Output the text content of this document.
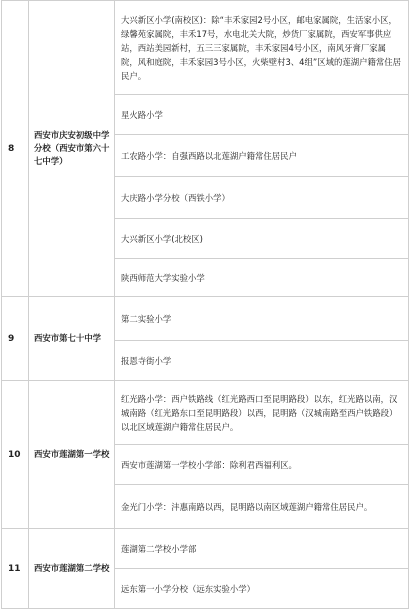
8	西安市庆安初级中学分校（西安市第六十七中学）	大兴新区小学(南校区)：除“丰禾家园2号小区，邮电家属院，生活家小区，绿馨苑家属院，丰禾17号，水电北关大院，炒货厂家属院，西安军事供应站，西站美园新村，五三三家属院，丰禾家园4号小区，南风牙膏厂家属院，风和庭院，丰禾家园3号小区，火柴壁村3、4组”区域的莲湖户籍常住居民户。
		星火路小学
		工农路小学：自强西路以北莲湖户籍常住居民户
		大庆路小学分校（西铁小学）
		大兴新区小学(北校区)
		陕西师范大学实验小学
9	西安市第七十中学	第二实验小学
		报恩寺街小学
10	西安市莲湖第一学校	红光路小学：西户铁路线（红光路西口至昆明路段）以东，红光路以南，汉城南路（红光路东口至昆明路段）以西，昆明路（汉城南路至西户铁路段）以北区域莲湖户籍常住居民户。
		西安市莲湖第一学校小学部：除利君西福利区。
		金光门小学：沣惠南路以西，昆明路以南区域莲湖户籍常住居民户。
11	西安市莲湖第二学校	莲湖第二学校小学部
		远东第一小学分校（远东实验小学）
